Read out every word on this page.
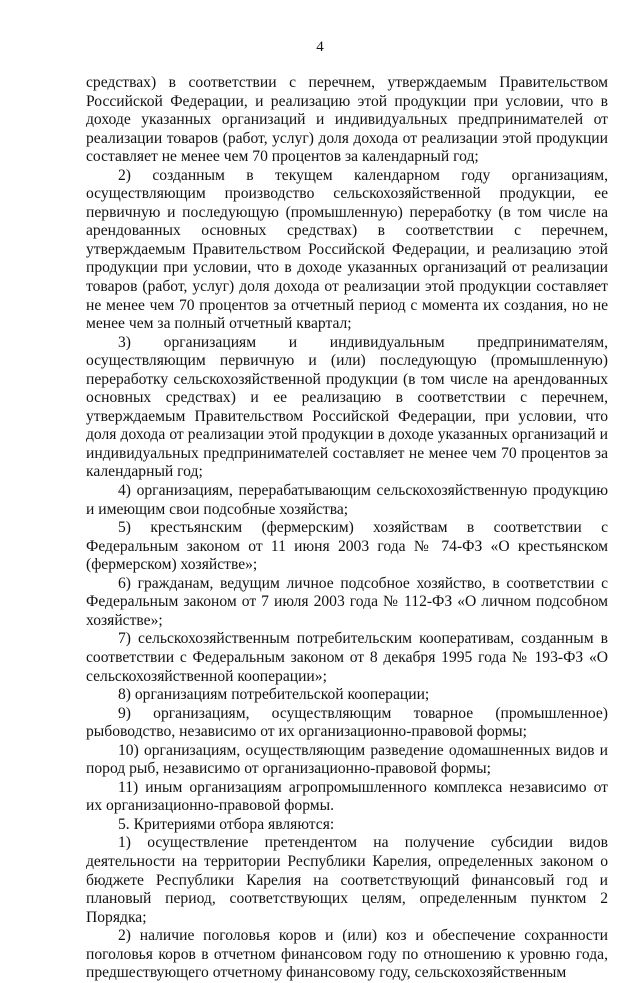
4

средствах) в соответствии с перечнем, утверждаемым Правительством Российской Федерации, и реализацию этой продукции при условии, что в доходе указанных организаций и индивидуальных предпринимателей от реализации товаров (работ, услуг) доля дохода от реализации этой продукции составляет не менее чем 70 процентов за календарный год;

2) созданным в текущем календарном году организациям, осуществляющим производство сельскохозяйственной продукции, ее первичную и последующую (промышленную) переработку (в том числе на арендованных основных средствах) в соответствии с перечнем, утверждаемым Правительством Российской Федерации, и реализацию этой продукции при условии, что в доходе указанных организаций от реализации товаров (работ, услуг) доля дохода от реализации этой продукции составляет не менее чем 70 процентов за отчетный период с момента их создания, но не менее чем за полный отчетный квартал;

3) организациям и индивидуальным предпринимателям, осуществляющим первичную и (или) последующую (промышленную) переработку сельскохозяйственной продукции (в том числе на арендованных основных средствах) и ее реализацию в соответствии с перечнем, утверждаемым Правительством Российской Федерации, при условии, что доля дохода от реализации этой продукции в доходе указанных организаций и индивидуальных предпринимателей составляет не менее чем 70 процентов за календарный год;

4) организациям, перерабатывающим сельскохозяйственную продукцию и имеющим свои подсобные хозяйства;

5) крестьянским (фермерским) хозяйствам в соответствии с Федеральным законом от 11 июня 2003 года № 74-ФЗ «О крестьянском (фермерском) хозяйстве»;

6) гражданам, ведущим личное подсобное хозяйство, в соответствии с Федеральным законом от 7 июля 2003 года № 112-ФЗ «О личном подсобном хозяйстве»;

7) сельскохозяйственным потребительским кооперативам, созданным в соответствии с Федеральным законом от 8 декабря 1995 года № 193-ФЗ «О сельскохозяйственной кооперации»;

8) организациям потребительской кооперации;

9) организациям, осуществляющим товарное (промышленное) рыбоводство, независимо от их организационно-правовой формы;

10) организациям, осуществляющим разведение одомашненных видов и пород рыб, независимо от организационно-правовой формы;

11) иным организациям агропромышленного комплекса независимо от их организационно-правовой формы.

5. Критериями отбора являются:

1) осуществление претендентом на получение субсидии видов деятельности на территории Республики Карелия, определенных законом о бюджете Республики Карелия на соответствующий финансовый год и плановый период, соответствующих целям, определенным пунктом 2 Порядка;

2) наличие поголовья коров и (или) коз и обеспечение сохранности поголовья коров в отчетном финансовом году по отношению к уровню года, предшествующего отчетному финансовому году, сельскохозяйственным
